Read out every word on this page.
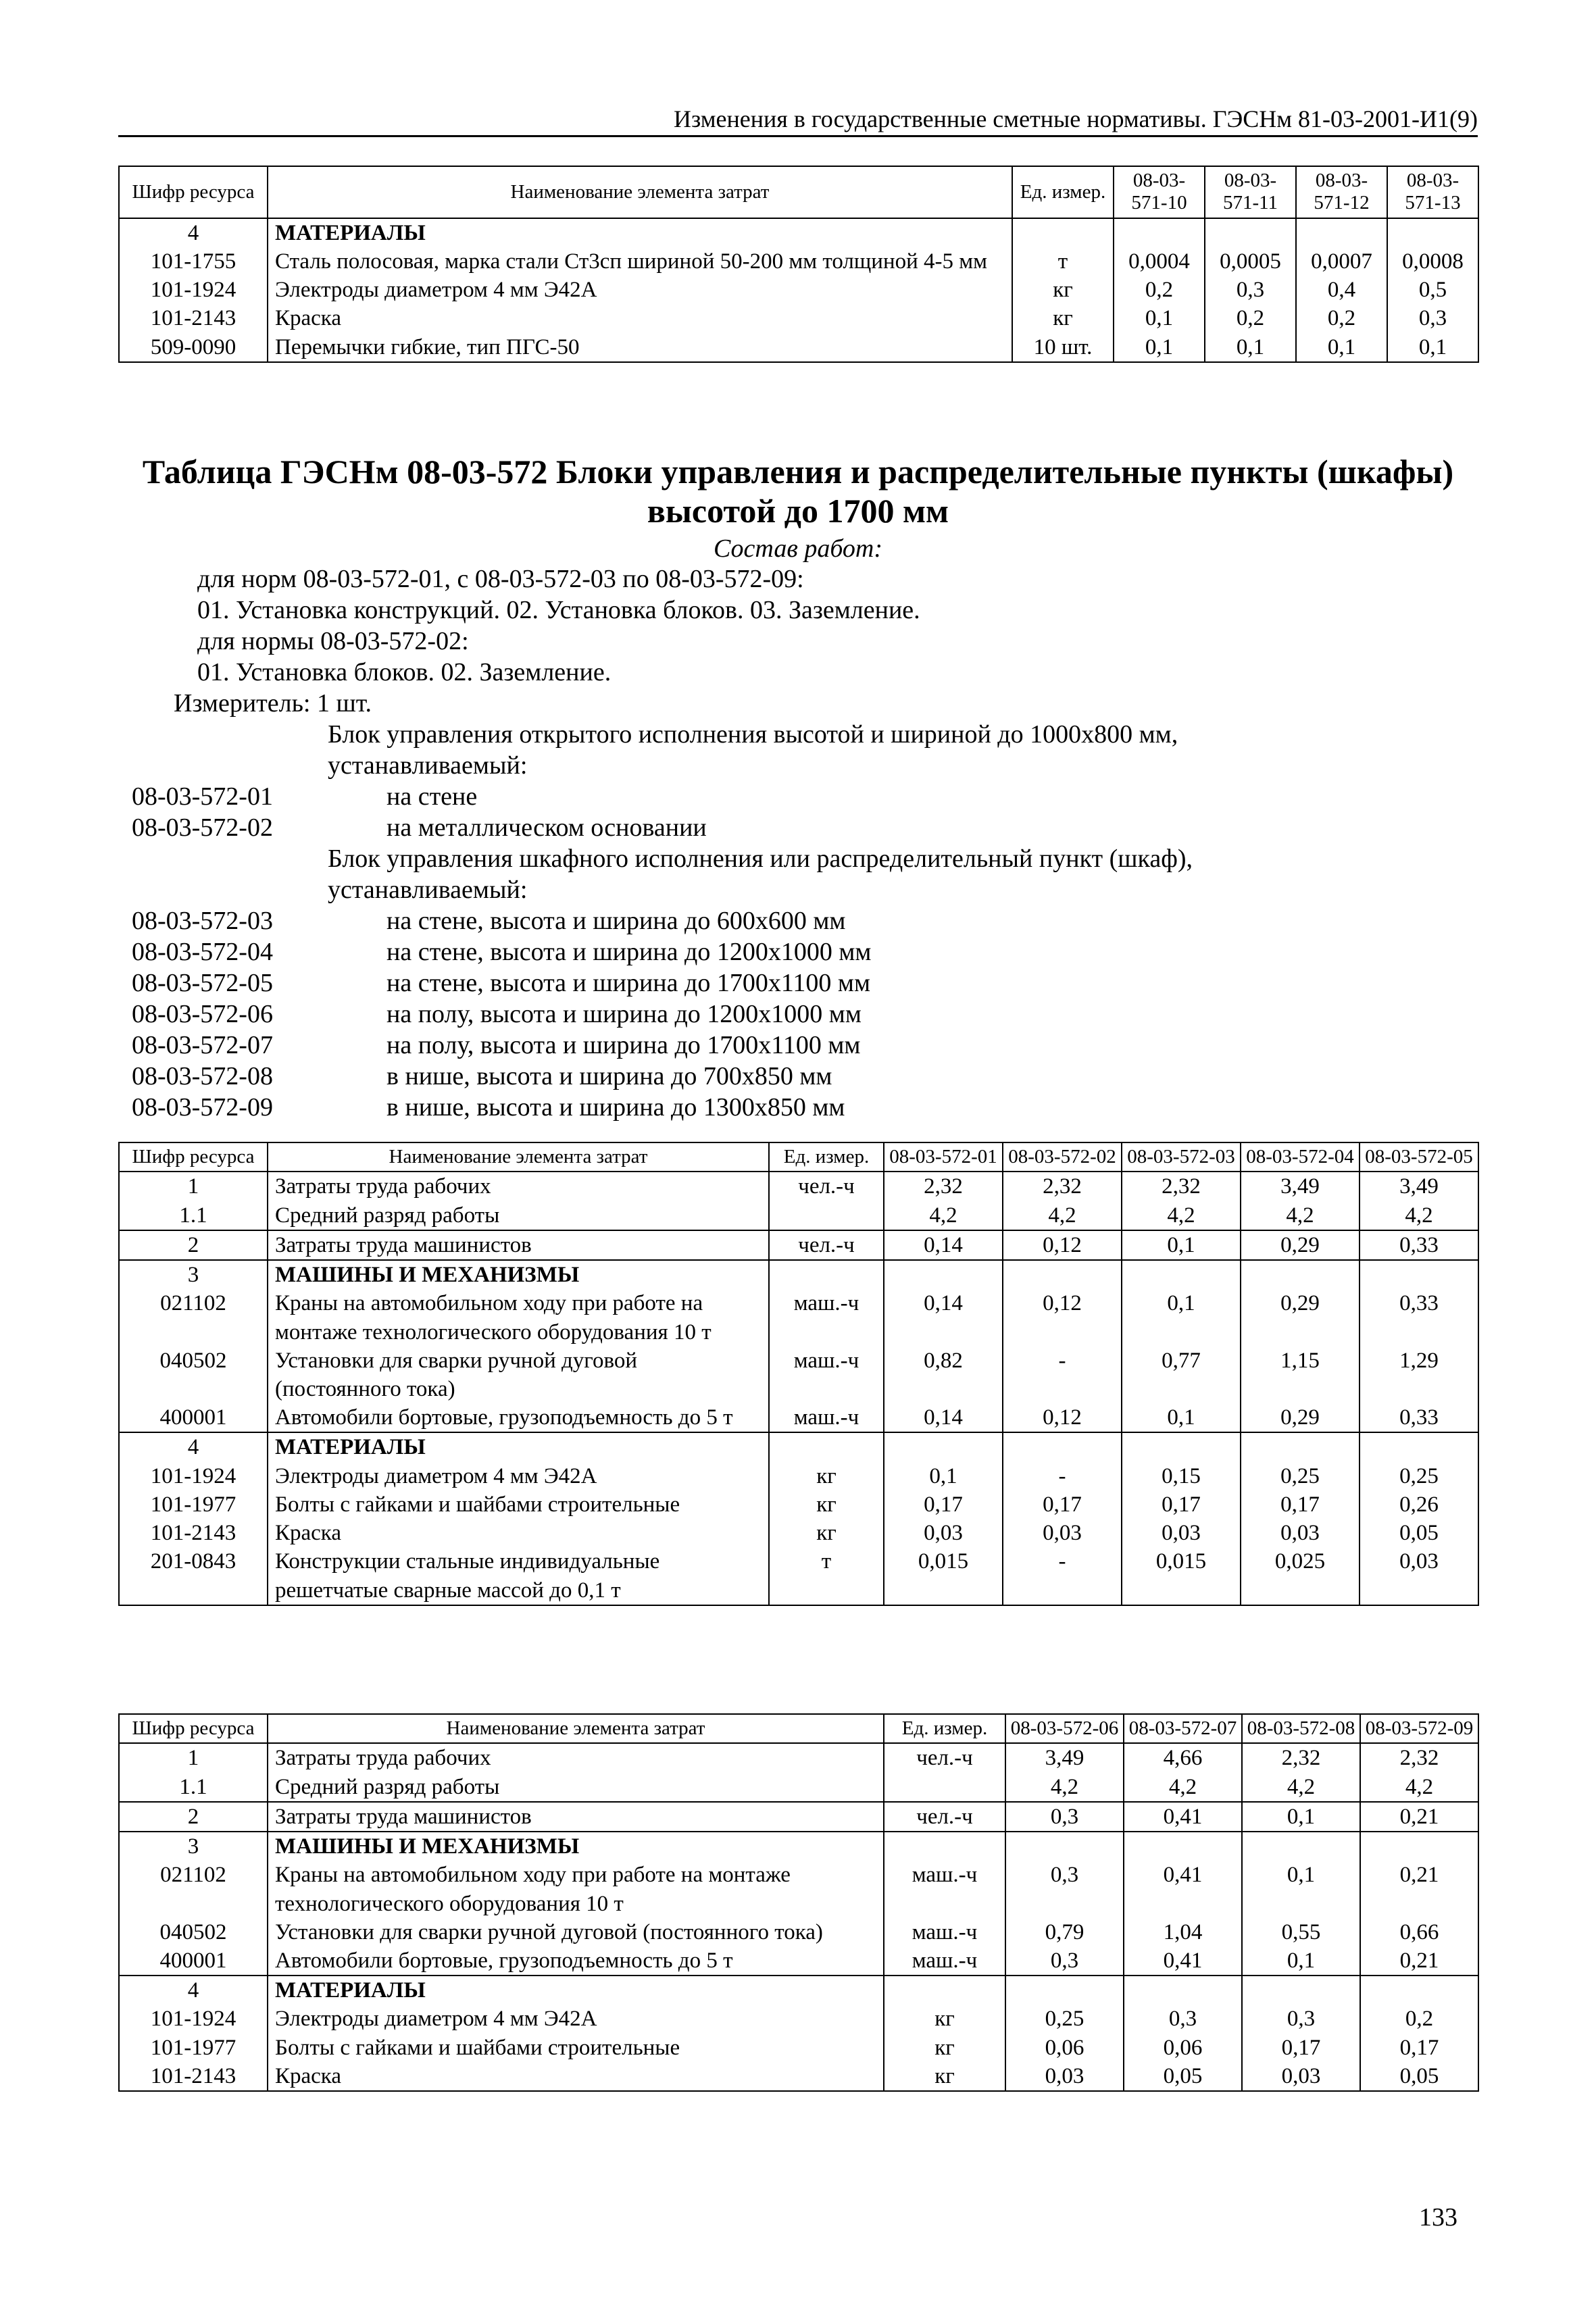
Изменения в государственные сметные нормативы. ГЭСНм 81-03-2001-И1(9)
Шифр ресурса	Наименование элемента затрат	Ед. измер.	08-03-571-10	08-03-571-11	08-03-571-12	08-03-571-13
4	МАТЕРИАЛЫ					
101-1755	Сталь полосовая, марка стали Ст3сп шириной 50-200 мм толщиной 4-5 мм	т	0,0004	0,0005	0,0007	0,0008
101-1924	Электроды диаметром 4 мм Э42А	кг	0,2	0,3	0,4	0,5
101-2143	Краска	кг	0,1	0,2	0,2	0,3
509-0090	Перемычки гибкие, тип ПГС-50	10 шт.	0,1	0,1	0,1	0,1
Таблица ГЭСНм 08-03-572 Блоки управления и распределительные пункты (шкафы)
высотой до 1700 мм
Состав работ:
для норм 08-03-572-01, с 08-03-572-03 по 08-03-572-09:
01. Установка конструкций. 02. Установка блоков. 03. Заземление.
для нормы 08-03-572-02:
01. Установка блоков. 02. Заземление.
Измеритель: 1 шт.
Блок управления открытого исполнения высотой и шириной до 1000х800 мм,
устанавливаемый:
08-03-572-01	на стене
08-03-572-02	на металлическом основании
Блок управления шкафного исполнения или распределительный пункт (шкаф),
устанавливаемый:
08-03-572-03	на стене, высота и ширина до 600х600 мм
08-03-572-04	на стене, высота и ширина до 1200х1000 мм
08-03-572-05	на стене, высота и ширина до 1700х1100 мм
08-03-572-06	на полу, высота и ширина до 1200х1000 мм
08-03-572-07	на полу, высота и ширина до 1700х1100 мм
08-03-572-08	в нише, высота и ширина до 700х850 мм
08-03-572-09	в нише, высота и ширина до 1300х850 мм
Шифр ресурса	Наименование элемента затрат	Ед. измер.	08-03-572-01	08-03-572-02	08-03-572-03	08-03-572-04	08-03-572-05
1	Затраты труда рабочих	чел.-ч	2,32	2,32	2,32	3,49	3,49
1.1	Средний разряд работы		4,2	4,2	4,2	4,2	4,2
2	Затраты труда машинистов	чел.-ч	0,14	0,12	0,1	0,29	0,33
3	МАШИНЫ И МЕХАНИЗМЫ						
021102	Краны на автомобильном ходу при работе на монтаже технологического оборудования 10 т	маш.-ч	0,14	0,12	0,1	0,29	0,33
040502	Установки для сварки ручной дуговой (постоянного тока)	маш.-ч	0,82	-	0,77	1,15	1,29
400001	Автомобили бортовые, грузоподъемность до 5 т	маш.-ч	0,14	0,12	0,1	0,29	0,33
4	МАТЕРИАЛЫ						
101-1924	Электроды диаметром 4 мм Э42А	кг	0,1	-	0,15	0,25	0,25
101-1977	Болты с гайками и шайбами строительные	кг	0,17	0,17	0,17	0,17	0,26
101-2143	Краска	кг	0,03	0,03	0,03	0,03	0,05
201-0843	Конструкции стальные индивидуальные решетчатые сварные массой до 0,1 т	т	0,015	-	0,015	0,025	0,03
Шифр ресурса	Наименование элемента затрат	Ед. измер.	08-03-572-06	08-03-572-07	08-03-572-08	08-03-572-09
1	Затраты труда рабочих	чел.-ч	3,49	4,66	2,32	2,32
1.1	Средний разряд работы		4,2	4,2	4,2	4,2
2	Затраты труда машинистов	чел.-ч	0,3	0,41	0,1	0,21
3	МАШИНЫ И МЕХАНИЗМЫ					
021102	Краны на автомобильном ходу при работе на монтаже технологического оборудования 10 т	маш.-ч	0,3	0,41	0,1	0,21
040502	Установки для сварки ручной дуговой (постоянного тока)	маш.-ч	0,79	1,04	0,55	0,66
400001	Автомобили бортовые, грузоподъемность до 5 т	маш.-ч	0,3	0,41	0,1	0,21
4	МАТЕРИАЛЫ					
101-1924	Электроды диаметром 4 мм Э42А	кг	0,25	0,3	0,3	0,2
101-1977	Болты с гайками и шайбами строительные	кг	0,06	0,06	0,17	0,17
101-2143	Краска	кг	0,03	0,05	0,03	0,05
133
